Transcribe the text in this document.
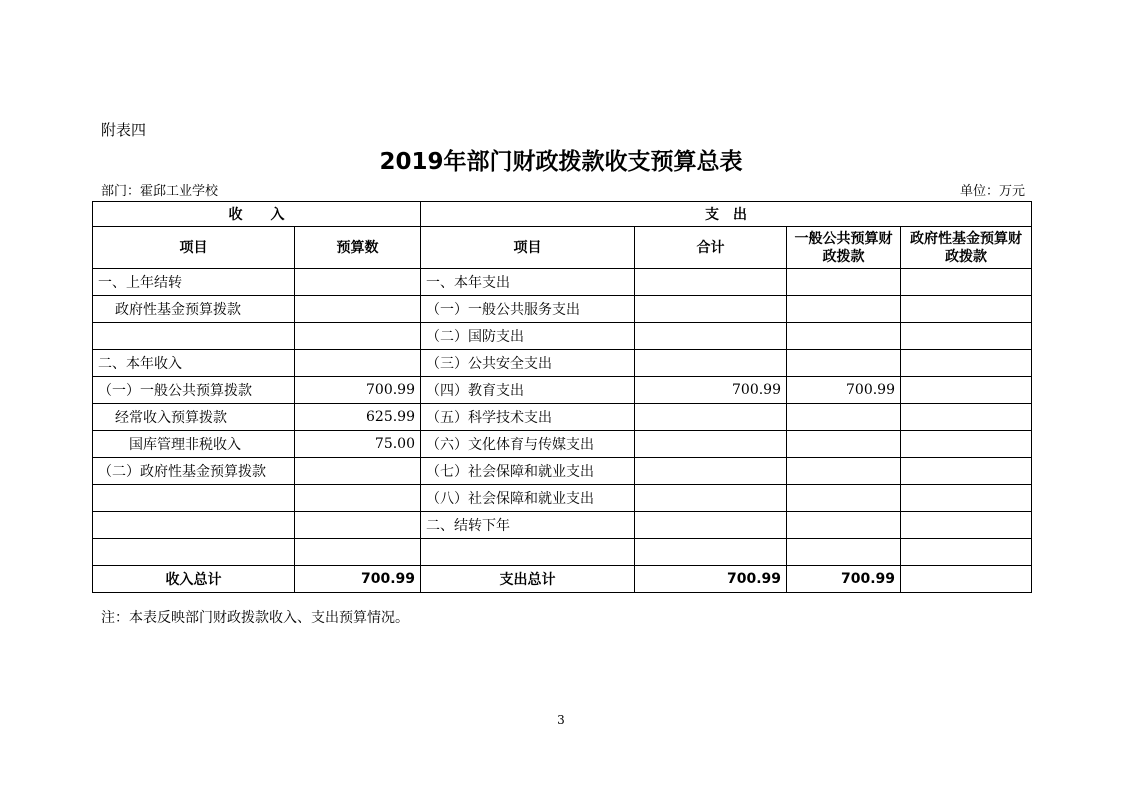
附表四
2019年部门财政拨款收支预算总表
部门：霍邱工业学校	单位：万元
收　　入		支　出			
项目	预算数	项目	合计	一般公共预算财政拨款	政府性基金预算财政拨款
一、上年结转		一、本年支出			
政府性基金预算拨款		（一）一般公共服务支出			
		（二）国防支出			
二、本年收入		（三）公共安全支出			
（一）一般公共预算拨款	700.99	（四）教育支出	700.99	700.99	
经常收入预算拨款	625.99	（五）科学技术支出			
国库管理非税收入	75.00	（六）文化体育与传媒支出			
（二）政府性基金预算拨款		（七）社会保障和就业支出			
		（八）社会保障和就业支出			
		二、结转下年			

收入总计	700.99	支出总计	700.99	700.99	
注：本表反映部门财政拨款收入、支出预算情况。
3
